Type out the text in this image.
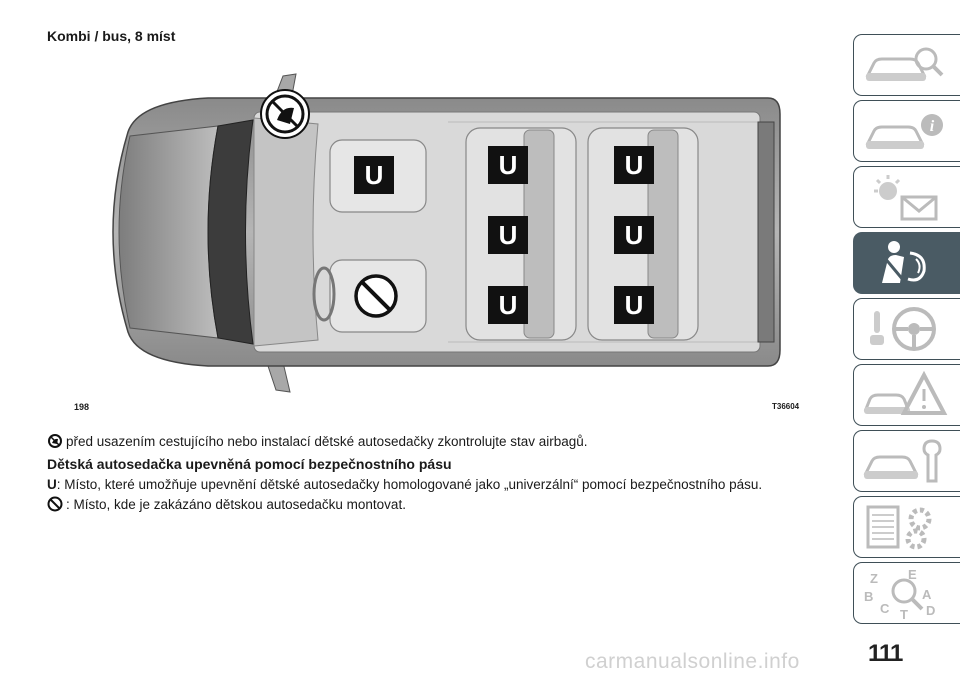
Kombi / bus, 8 míst
U	U
U
U
U
U
U
198	T36604

před usazením cestujícího nebo instalací dětské autosedačky zkontrolujte stav airbagů.

Dětská autosedačka upevněná pomocí bezpečnostního pásu

U: Místo, které umožňuje upevnění dětské autosedačky homologované jako „univerzální“ pomocí bezpečnostního pásu.

: Místo, kde je zakázáno dětskou autosedačku montovat.

i
Z E
B	A
C	D
T
111
carmanualsonline.info
